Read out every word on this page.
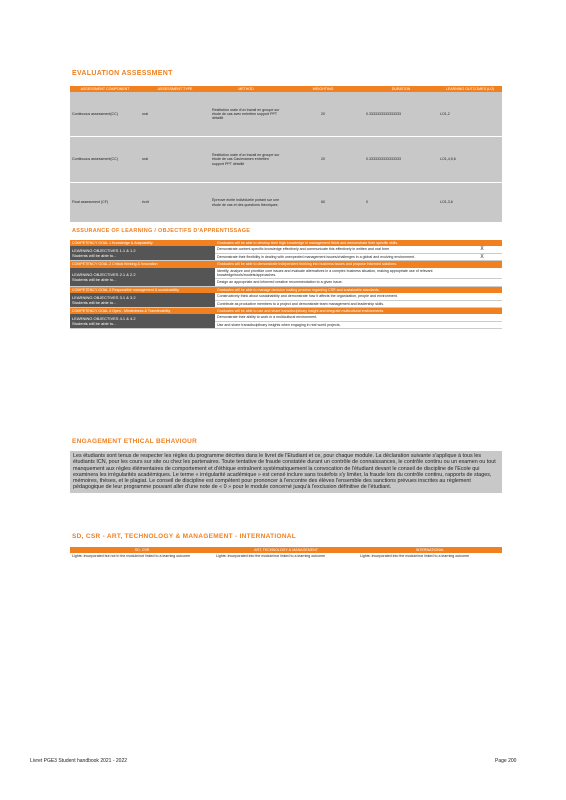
EVALUATION ASSESSMENT
ASSESSMENT COMPONENT	ASSESSMENT TYPE	METHOD	WEIGHTING	DURATION	LEARNING OUTCOMES (LO)
Continuous assessment(CC)	oral	Restitution orale d'un travail en groupe sur étude de cas avec entretien support PPT détaillé	20	0.3333333333333333	LO1,2
Continuous assessment(CC)	oral	Restitution orale d'un travail en groupe sur étude de cas Cas/examen entretien support PPT détaillé	20	0.3333333333333333	LO1,4,5,6
Final assessment (CF)	écrit	Épreuve écrite individuelle portant sur une étude de cas et des questions théoriques	60	0	LO1,3,6
ASSURANCE OF LEARNING / OBJECTIFS D'APPRENTISSAGE
COMPETENCY GOAL 1 Knowledge & Adaptability	Graduates will be able to develop their high knowledge in management fields and demonstrate their specific skills.	

LEARNING OBJECTIVES 1.1 & 1.2
Students will be able to...	Demonstrate content-specific knowledge effectively and communicate this effectively in written and oral form	X
	Demonstrate their flexibility in dealing with unexpected management issues/challenges in a global and evolving environment.	X
COMPETENCY GOAL 2 Critical thinking & Innovation	Graduates will be able to demonstrate independent thinking into business issues and propose informed solutions.	

LEARNING OBJECTIVES 2.1 & 2.2
Students will be able to...	Identify, analyze and prioritize core issues and evaluate alternatives in a complex business situation, making appropriate use of relevant knowledge/tools/models/approaches.	
	Design an appropriate and informed creative recommendation to a given issue.	
COMPETENCY GOAL 3 Responsible management & sustainability	Graduates will be able to manage decision making process regarding CSR and sustainable standards.	

LEARNING OBJECTIVES 3.1 & 3.2
Students will be able to...	Constructively think about sustainability and demonstrate how it affects the organization, people and environment.	
	Contribute as productive members to a project and demonstrate team management and leadership skills.	
COMPETENCY GOAL 4 Open - Mindedness & Transferability	Graduates will be able to use and share transdisciplinary insight and integrate multicultural environments.	

LEARNING OBJECTIVES 4.1 & 4.2
Students will be able to...	Demonstrate their ability to work in a multicultural environment.	
	Use and share transdisciplinary insights when engaging in real world projects.	
ENGAGEMENT ETHICAL BEHAVIOUR
Les étudiants sont tenus de respecter les règles du programme décrites dans le livret de l'Etudiant et ce, pour chaque module. La déclaration suivante s'applique à tous les étudiants ICN, pour les cours sur site ou chez les partenaires. Toute tentative de fraude constatée durant un contrôle de connaissances, le contrôle continu ou un examen ou tout manquement aux règles élémentaires de comportement et d'éthique entraînent systématiquement la convocation de l'étudiant devant le conseil de discipline de l'Ecole qui examinera les irrégularités académiques. Le terme « irrégularité académique » est censé inclure sans toutefois s'y limiter, la fraude lors du contrôle continu, rapports de stages, mémoires, thèses, et le plagiat. Le conseil de discipline est compétent pour prononcer à l'encontre des élèves l'ensemble des sanctions prévues inscrites au règlement pédagogique de leur programme pouvant aller d'une note de « 0 » pour le module concerné jusqu'à l'exclusion définitive de l'étudiant.
SD, CSR - ART, TECHNOLOGY & MANAGEMENT - INTERNATIONAL
SD, CSR	ART, TECHNOLOGY & MANAGEMENT	INTERNATIONAL
Lights: incorporated but not in the module/not linked to a learning outcome	Lights: incorporated into the module/not linked to a learning outcome	Lights: incorporated into the module/not linked to a learning outcome
Livret PGE3 Student handbook 2021 - 2022	Page 200
